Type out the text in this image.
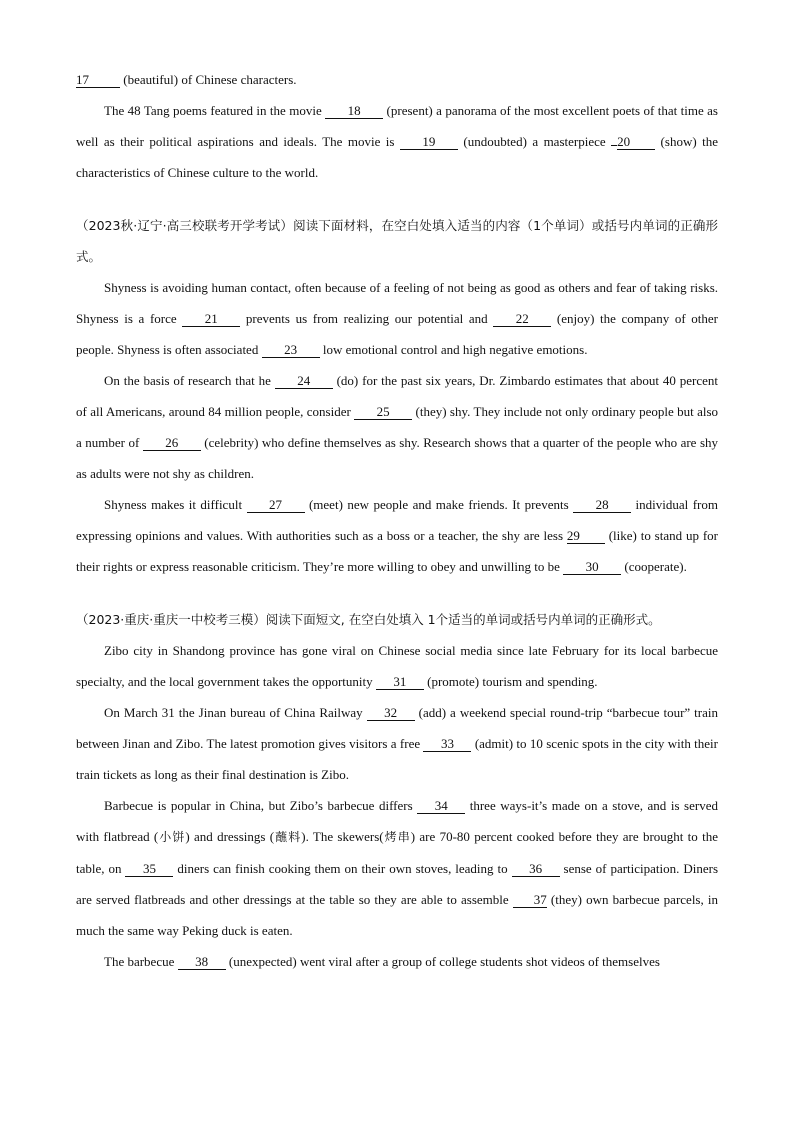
17 (beautiful) of Chinese characters.

The 48 Tang poems featured in the movie 18 (present) a panorama of the most excellent poets of that time as well as their political aspirations and ideals. The movie is 19 (undoubted) a masterpiece 20 (show) the characteristics of Chinese culture to the world.

（2023秋·辽宁·高三校联考开学考试）阅读下面材料，在空白处填入适当的内容（1个单词）或括号内单词的正确形式。

Shyness is avoiding human contact, often because of a feeling of not being as good as others and fear of taking risks. Shyness is a force 21 prevents us from realizing our potential and 22 (enjoy) the company of other people. Shyness is often associated 23 low emotional control and high negative emotions.

On the basis of research that he 24 (do) for the past six years, Dr. Zimbardo estimates that about 40 percent of all Americans, around 84 million people, consider 25 (they) shy. They include not only ordinary people but also a number of 26 (celebrity) who define themselves as shy. Research shows that a quarter of the people who are shy as adults were not shy as children.

Shyness makes it difficult 27 (meet) new people and make friends. It prevents 28 individual from expressing opinions and values. With authorities such as a boss or a teacher, the shy are less 29 (like) to stand up for their rights or express reasonable criticism. They’re more willing to obey and unwilling to be 30 (cooperate).

（2023·重庆·重庆一中校考三模）阅读下面短文, 在空白处填入 1个适当的单词或括号内单词的正确形式。

Zibo city in Shandong province has gone viral on Chinese social media since late February for its local barbecue specialty, and the local government takes the opportunity 31 (promote) tourism and spending.

On March 31 the Jinan bureau of China Railway 32 (add) a weekend special round-trip “barbecue tour” train between Jinan and Zibo. The latest promotion gives visitors a free 33 (admit) to 10 scenic spots in the city with their train tickets as long as their final destination is Zibo.

Barbecue is popular in China, but Zibo’s barbecue differs 34 three ways-it’s made on a stove, and is served with flatbread (小饼) and dressings (蘸料). The skewers(烤串) are 70-80 percent cooked before they are brought to the table, on 35 diners can finish cooking them on their own stoves, leading to 36 sense of participation. Diners are served flatbreads and other dressings at the table so they are able to assemble 37 (they) own barbecue parcels, in much the same way Peking duck is eaten.

The barbecue 38 (unexpected) went viral after a group of college students shot videos of themselves
